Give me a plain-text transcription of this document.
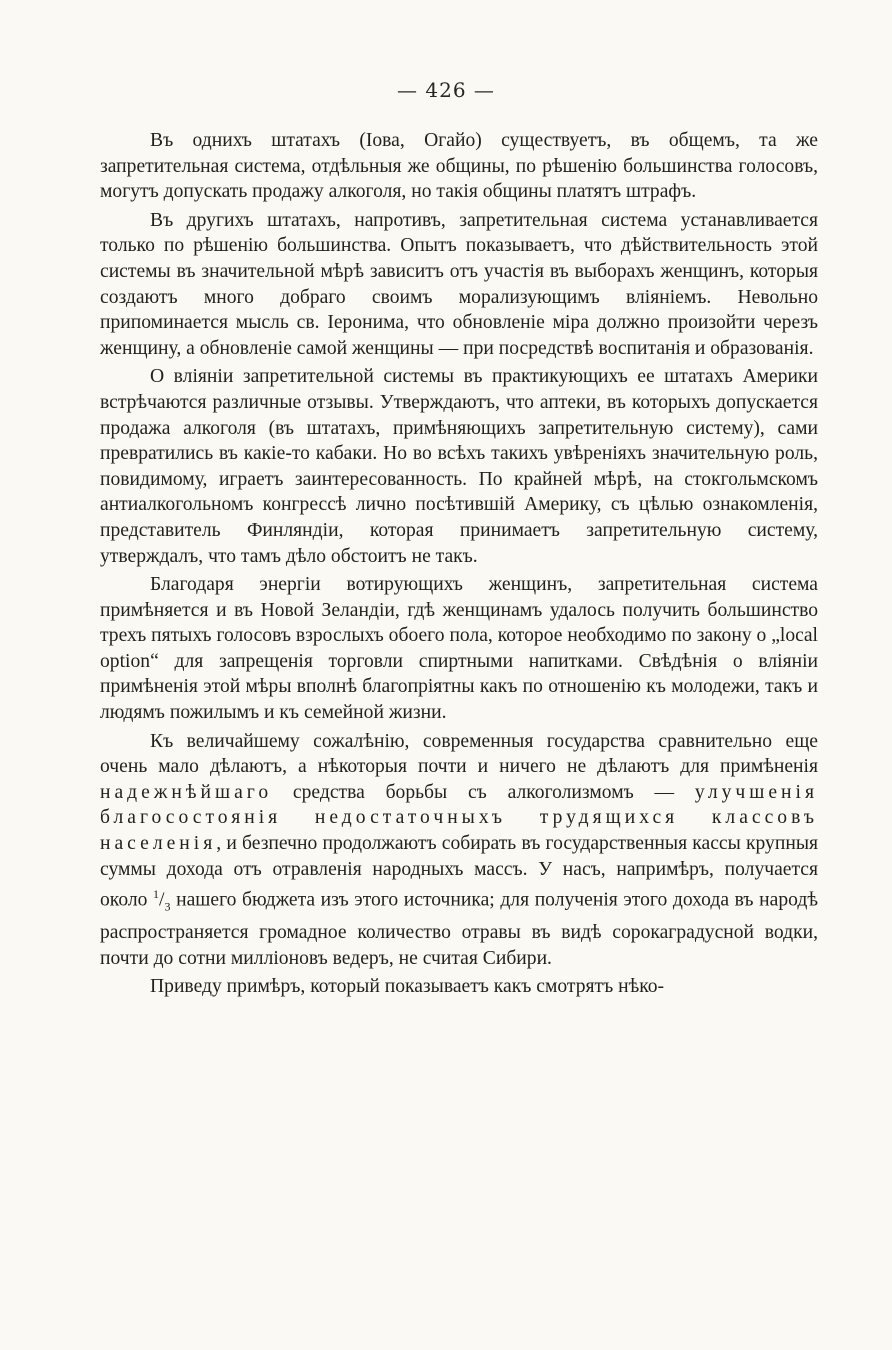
— 426 —

Въ однихъ штатахъ (Іова, Огайо) существуетъ, въ общемъ, та же запретительная система, отдѣльныя же общины, по рѣшенію большинства голосовъ, могутъ допускать продажу алкоголя, но такія общины платятъ штрафъ.

Въ другихъ штатахъ, напротивъ, запретительная система устанавливается только по рѣшенію большинства. Опытъ показываетъ, что дѣйствительность этой системы въ значительной мѣрѣ зависитъ отъ участія въ выборахъ женщинъ, которыя создаютъ много добраго своимъ морализующимъ вліяніемъ. Невольно припоминается мысль св. Іеронима, что обновленіе міра должно произойти черезъ женщину, а обновленіе самой женщины — при посредствѣ воспитанія и образованія.

О вліяніи запретительной системы въ практикующихъ ее штатахъ Америки встрѣчаются различные отзывы. Утверждаютъ, что аптеки, въ которыхъ допускается продажа алкоголя (въ штатахъ, примѣняющихъ запретительную систему), сами превратились въ какіе-то кабаки. Но во всѣхъ такихъ увѣреніяхъ значительную роль, повидимому, играетъ заинтересованность. По крайней мѣрѣ, на стокгольмскомъ антиалкогольномъ конгрессѣ лично посѣтившій Америку, съ цѣлью ознакомленія, представитель Финляндіи, которая принимаетъ запретительную систему, утверждалъ, что тамъ дѣло обстоитъ не такъ.

Благодаря энергіи вотирующихъ женщинъ, запретительная система примѣняется и въ Новой Зеландіи, гдѣ женщинамъ удалось получить большинство трехъ пятыхъ голосовъ взрослыхъ обоего пола, которое необходимо по закону о „local option“ для запрещенія торговли спиртными напитками. Свѣдѣнія о вліяніи примѣненія этой мѣры вполнѣ благопріятны какъ по отношенію къ молодежи, такъ и людямъ пожилымъ и къ семейной жизни.

Къ величайшему сожалѣнію, современныя государства сравнительно еще очень мало дѣлаютъ, а нѣкоторыя почти и ничего не дѣлаютъ для примѣненія надежнѣйшаго средства борьбы съ алкоголизмомъ — улучшенія благосостоянія недостаточныхъ трудящихся классовъ населенія, и безпечно продолжаютъ собирать въ государственныя кассы крупныя суммы дохода отъ отравленія народныхъ массъ. У насъ, напримѣръ, получается около $^1/_3$ нашего бюджета изъ этого источника; для полученія этого дохода въ народѣ распространяется громадное количество отравы въ видѣ сорокаградусной водки, почти до сотни милліоновъ ведеръ, не считая Сибири.

Приведу примѣръ, который показываетъ какъ смотрятъ нѣко-
